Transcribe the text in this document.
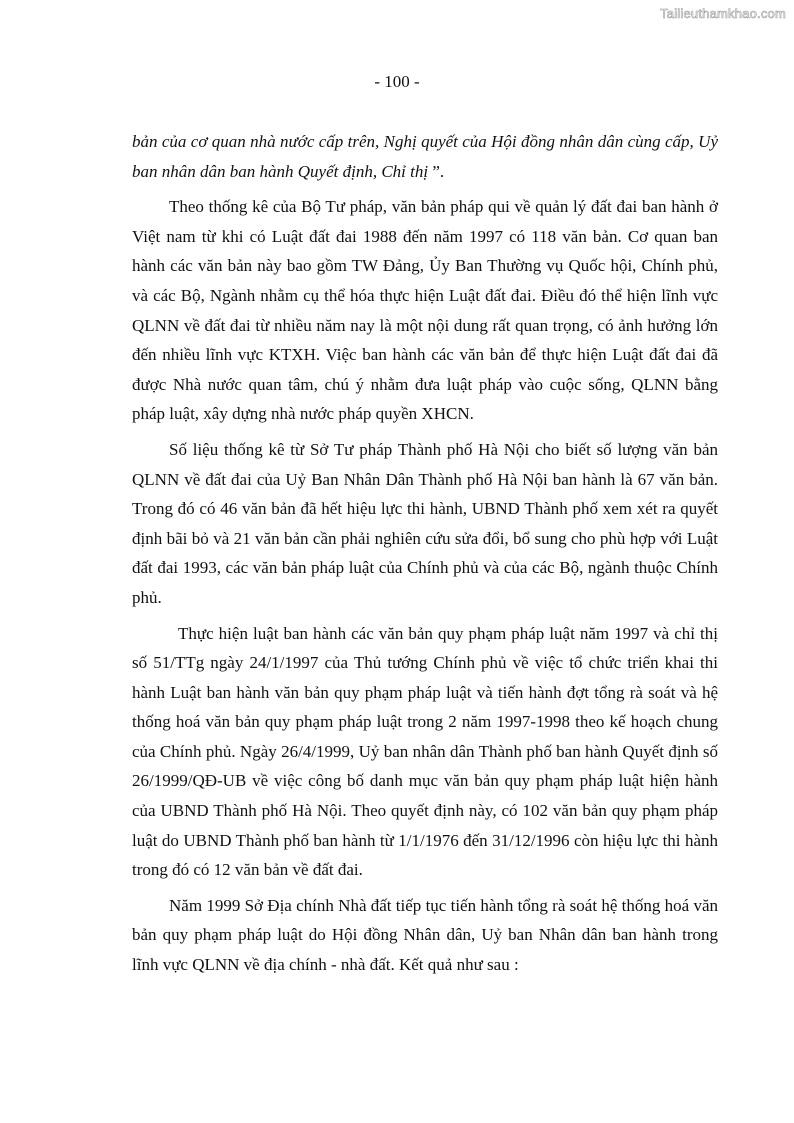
Tailieuthamkhao.com
- 100 -

bản của cơ quan nhà nước cấp trên, Nghị quyết của Hội đồng nhân dân cùng cấp, Uỷ ban nhân dân ban hành Quyết định, Chỉ thị ”.

Theo thống kê của Bộ Tư pháp, văn bản pháp qui về quản lý đất đai ban hành ở Việt nam từ khi có Luật đất đai 1988 đến năm 1997 có 118 văn bản. Cơ quan ban hành các văn bản này bao gồm TW Đảng, Ủy Ban Thường vụ Quốc hội, Chính phủ, và các Bộ, Ngành nhằm cụ thể hóa thực hiện Luật đất đai. Điều đó thể hiện lĩnh vực QLNN về đất đai từ nhiều năm nay là một nội dung rất quan trọng, có ảnh hưởng lớn đến nhiều lĩnh vực KTXH. Việc ban hành các văn bản để thực hiện Luật đất đai đã được Nhà nước quan tâm, chú ý nhằm đưa luật pháp vào cuộc sống, QLNN bằng pháp luật, xây dựng nhà nước pháp quyền XHCN.

Số liệu thống kê từ Sở Tư pháp Thành phố Hà Nội cho biết số lượng văn bản QLNN về đất đai của Uỷ Ban Nhân Dân Thành phố Hà Nội ban hành là 67 văn bản. Trong đó có 46 văn bản đã hết hiệu lực thi hành, UBND Thành phố xem xét ra quyết định bãi bỏ và 21 văn bản cần phải nghiên cứu sửa đổi, bổ sung cho phù hợp với Luật đất đai 1993, các văn bản pháp luật của Chính phủ và của các Bộ, ngành thuộc Chính phủ.

Thực hiện luật ban hành các văn bản quy phạm pháp luật năm 1997 và chỉ thị số 51/TTg ngày 24/1/1997 của Thủ tướng Chính phủ về việc tổ chức triển khai thi hành Luật ban hành văn bản quy phạm pháp luật và tiến hành đợt tổng rà soát và hệ thống hoá văn bản quy phạm pháp luật trong 2 năm 1997-1998 theo kế hoạch chung của Chính phủ. Ngày 26/4/1999, Uỷ ban nhân dân Thành phố ban hành Quyết định số 26/1999/QĐ-UB về việc công bố danh mục văn bản quy phạm pháp luật hiện hành của UBND Thành phố Hà Nội. Theo quyết định này, có 102 văn bản quy phạm pháp luật do UBND Thành phố ban hành từ 1/1/1976 đến 31/12/1996 còn hiệu lực thi hành trong đó có 12 văn bản về đất đai.

Năm 1999 Sở Địa chính Nhà đất tiếp tục tiến hành tổng rà soát hệ thống hoá văn bản quy phạm pháp luật do Hội đồng Nhân dân, Uỷ ban Nhân dân ban hành trong lĩnh vực QLNN về địa chính - nhà đất. Kết quả như sau :
